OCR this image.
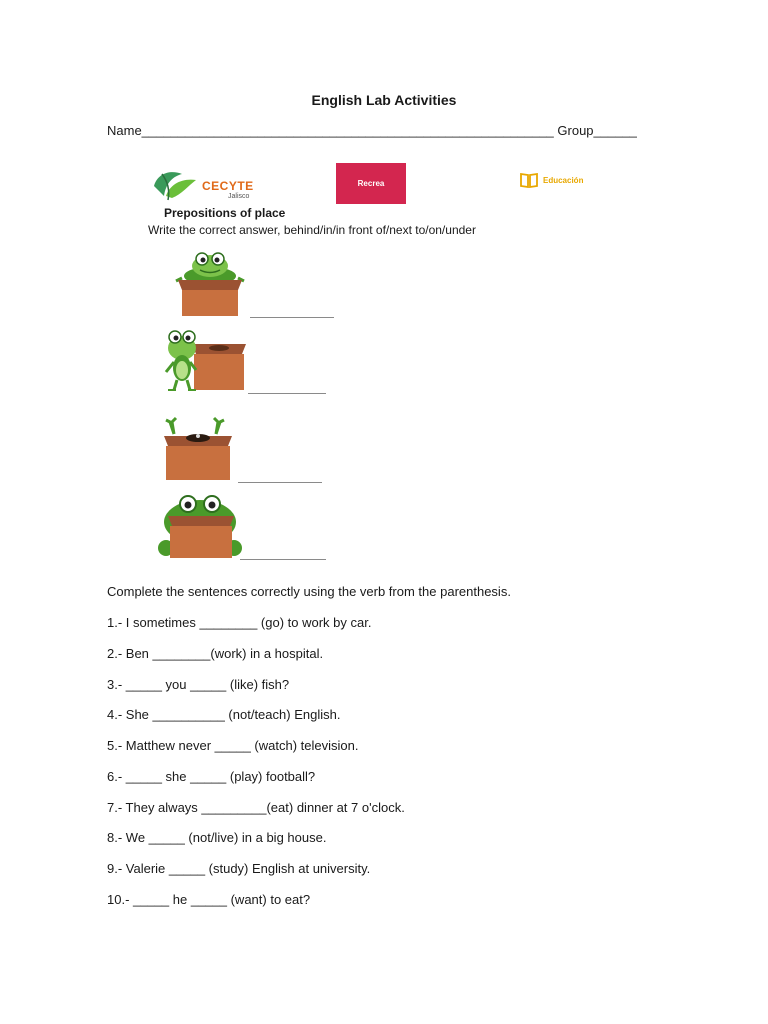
English Lab Activities
Name_________________________________________________________ Group______
CECYTE
Jalisco
Recrea	Educación
Prepositions of place
Write the correct answer, behind/in/in front of/next to/on/under
Complete the sentences correctly using the verb from the parenthesis.
1.- I sometimes ________ (go) to work by car.
2.- Ben ________(work) in a hospital.
3.- _____ you _____ (like) fish?
4.- She __________ (not/teach) English.
5.- Matthew never _____ (watch) television.
6.- _____ she _____ (play) football?
7.- They always _________(eat) dinner at 7 o'clock.
8.- We _____ (not/live) in a big house.
9.- Valerie _____ (study) English at university.
10.- _____ he _____ (want) to eat?
